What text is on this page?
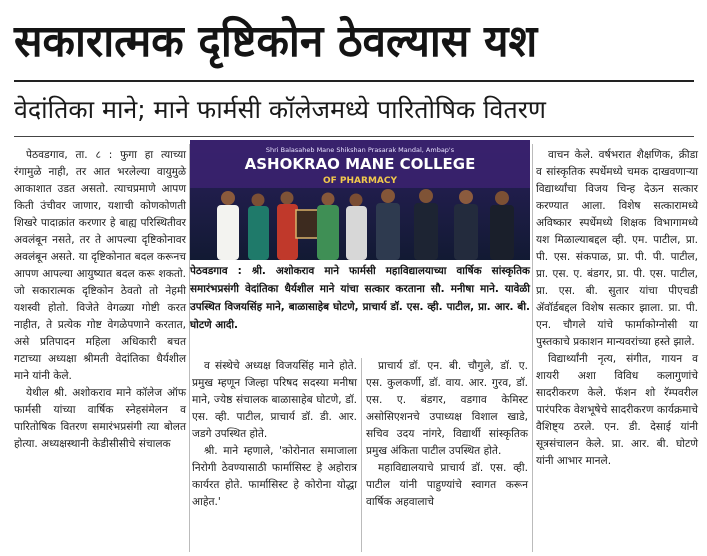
सकारात्मक दृष्टिकोन ठेवल्यास यश
वेदांतिका माने; माने फार्मसी कॉलेजमध्ये पारितोषिक वितरण

पेठवडगाव, ता. ८ : फुगा हा त्याच्या रंगामुळे नाही, तर आत भरलेल्या वायुमुळे आकाशात उडत असतो. त्याचप्रमाणे आपण किती उंचीवर जाणार, यशाची कोणकोणती शिखरे पादाक्रांत करणार हे बाह्य परिस्थितीवर अवलंबून नसते, तर ते आपल्या दृष्टिकोनावर अवलंबून असते. या दृष्टिकोनात बदल करूनच आपण आपल्या आयुष्यात बदल करू शकतो. जो सकारात्मक दृष्टिकोन ठेवतो तो नेहमी यशस्वी होतो. विजेते वेगळ्या गोष्टी करत नाहीत, ते प्रत्येक गोष्ट वेगळेपणाने करतात, असे प्रतिपादन महिला अधिकारी बचत गटाच्या अध्यक्षा श्रीमती वेदांतिका धैर्यशील माने यांनी केले.

येथील श्री. अशोकराव माने कॉलेज ऑफ फार्मसी यांच्या वार्षिक स्नेहसंमेलन व पारितोषिक वितरण समारंभप्रसंगी त्या बोलत होत्या. अध्यक्षस्थानी केडीसीसीचे संचालक

Shri Balasaheb Mane Shikshan Prasarak Mandal, Ambap's
ASHOKRAO MANE COLLEGE
OF PHARMACY
पेठवडगाव : श्री. अशोकराव माने फार्मसी महाविद्यालयाच्या वार्षिक सांस्कृतिक समारंभप्रसंगी वेदांतिका धैर्यशील माने यांचा सत्कार करताना सौ. मनीषा माने. यावेळी उपस्थित विजयसिंह माने, बाळासाहेब घोटणे, प्राचार्य डॉ. एस. व्ही. पाटील, प्रा. आर. बी. घोटणे आदी.

व संस्थेचे अध्यक्ष विजयसिंह माने होते. प्रमुख म्हणून जिल्हा परिषद सदस्या मनीषा माने, ज्येष्ठ संचालक बाळासाहेब घोटणे, डॉ. एस. व्ही. पाटील, प्राचार्य डॉ. डी. आर. जडगे उपस्थित होते.

श्री. माने म्हणाले, 'कोरोनात समाजाला निरोगी ठेवण्यासाठी फार्मासिस्ट हे अहोरात्र कार्यरत होते. फार्मासिस्ट हे कोरोना योद्धा आहेत.'

प्राचार्य डॉ. एन. बी. चौगुले, डॉ. ए. एस. कुलकर्णी, डॉ. वाय. आर. गुरव, डॉ. एस. ए. बंडगर, वडगाव केमिस्ट असोसिएशनचे उपाध्यक्ष विशाल खाडे, सचिव उदय नांगरे, विद्यार्थी सांस्कृतिक प्रमुख अंकिता पाटील उपस्थित होते.

महाविद्यालयाचे प्राचार्य डॉ. एस. व्ही. पाटील यांनी पाहुण्यांचे स्वागत करून वार्षिक अहवालाचे

वाचन केले. वर्षभरात शैक्षणिक, क्रीडा व सांस्कृतिक स्पर्धेमध्ये चमक दाखवणाऱ्या विद्यार्थ्यांचा विजय चिन्ह देऊन सत्कार करण्यात आला. विशेष सत्कारामध्ये अविष्कार स्पर्धेमध्ये शिक्षक विभागामध्ये यश मिळाल्याबद्दल व्ही. एम. पाटील, प्रा. पी. एस. संकपाळ, प्रा. पी. पी. पाटील, प्रा. एस. ए. बंडगर, प्रा. पी. एस. पाटील, प्रा. एस. बी. सुतार यांचा पीएचडी ॲवॉर्डबद्दल विशेष सत्कार झाला. प्रा. पी. एन. चौगले यांचे फार्माकोग्नोसी या पुस्तकाचे प्रकाशन मान्यवरांच्या हस्ते झाले.

विद्यार्थ्यांनी नृत्य, संगीत, गायन व शायरी अशा विविध कलागुणांचे सादरीकरण केले. फॅशन शो रॅम्पवरील पारंपरिक वेशभूषेचे सादरीकरण कार्यक्रमाचे वैशिष्ट्य ठरले. एन. डी. देसाई यांनी सूत्रसंचालन केले. प्रा. आर. बी. घोटणे यांनी आभार मानले.
